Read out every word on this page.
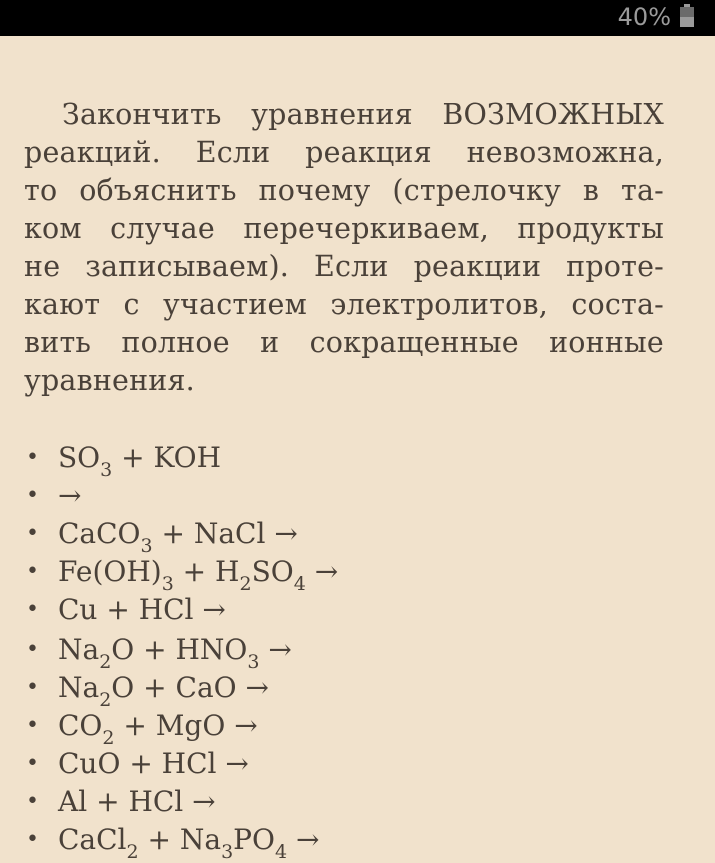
40%
Закончить уравнения ВОЗМОЖНЫХ
реакций. Если реакция невозможна,
то объяснить почему (стрелочку в та-
ком случае перечеркиваем, продукты
не записываем). Если реакции проте-
кают с участием электролитов, соста-
вить полное и сокращенные ионные
уравнения.
• $SO_3$ + KOH
• →
• CaCO$_3$ + NaCl →
• $Fe(OH)_3 + H_2SO_4$ →
• Cu + HCl →
• $Na_2O + HNO_3$ →
• $Na_2O$ + CaO →
• $CO_2$ + MgO →
• CuO + HCl →
• Al + HCl →
• CaCl$_2$ + $Na_3PO_4$ →
